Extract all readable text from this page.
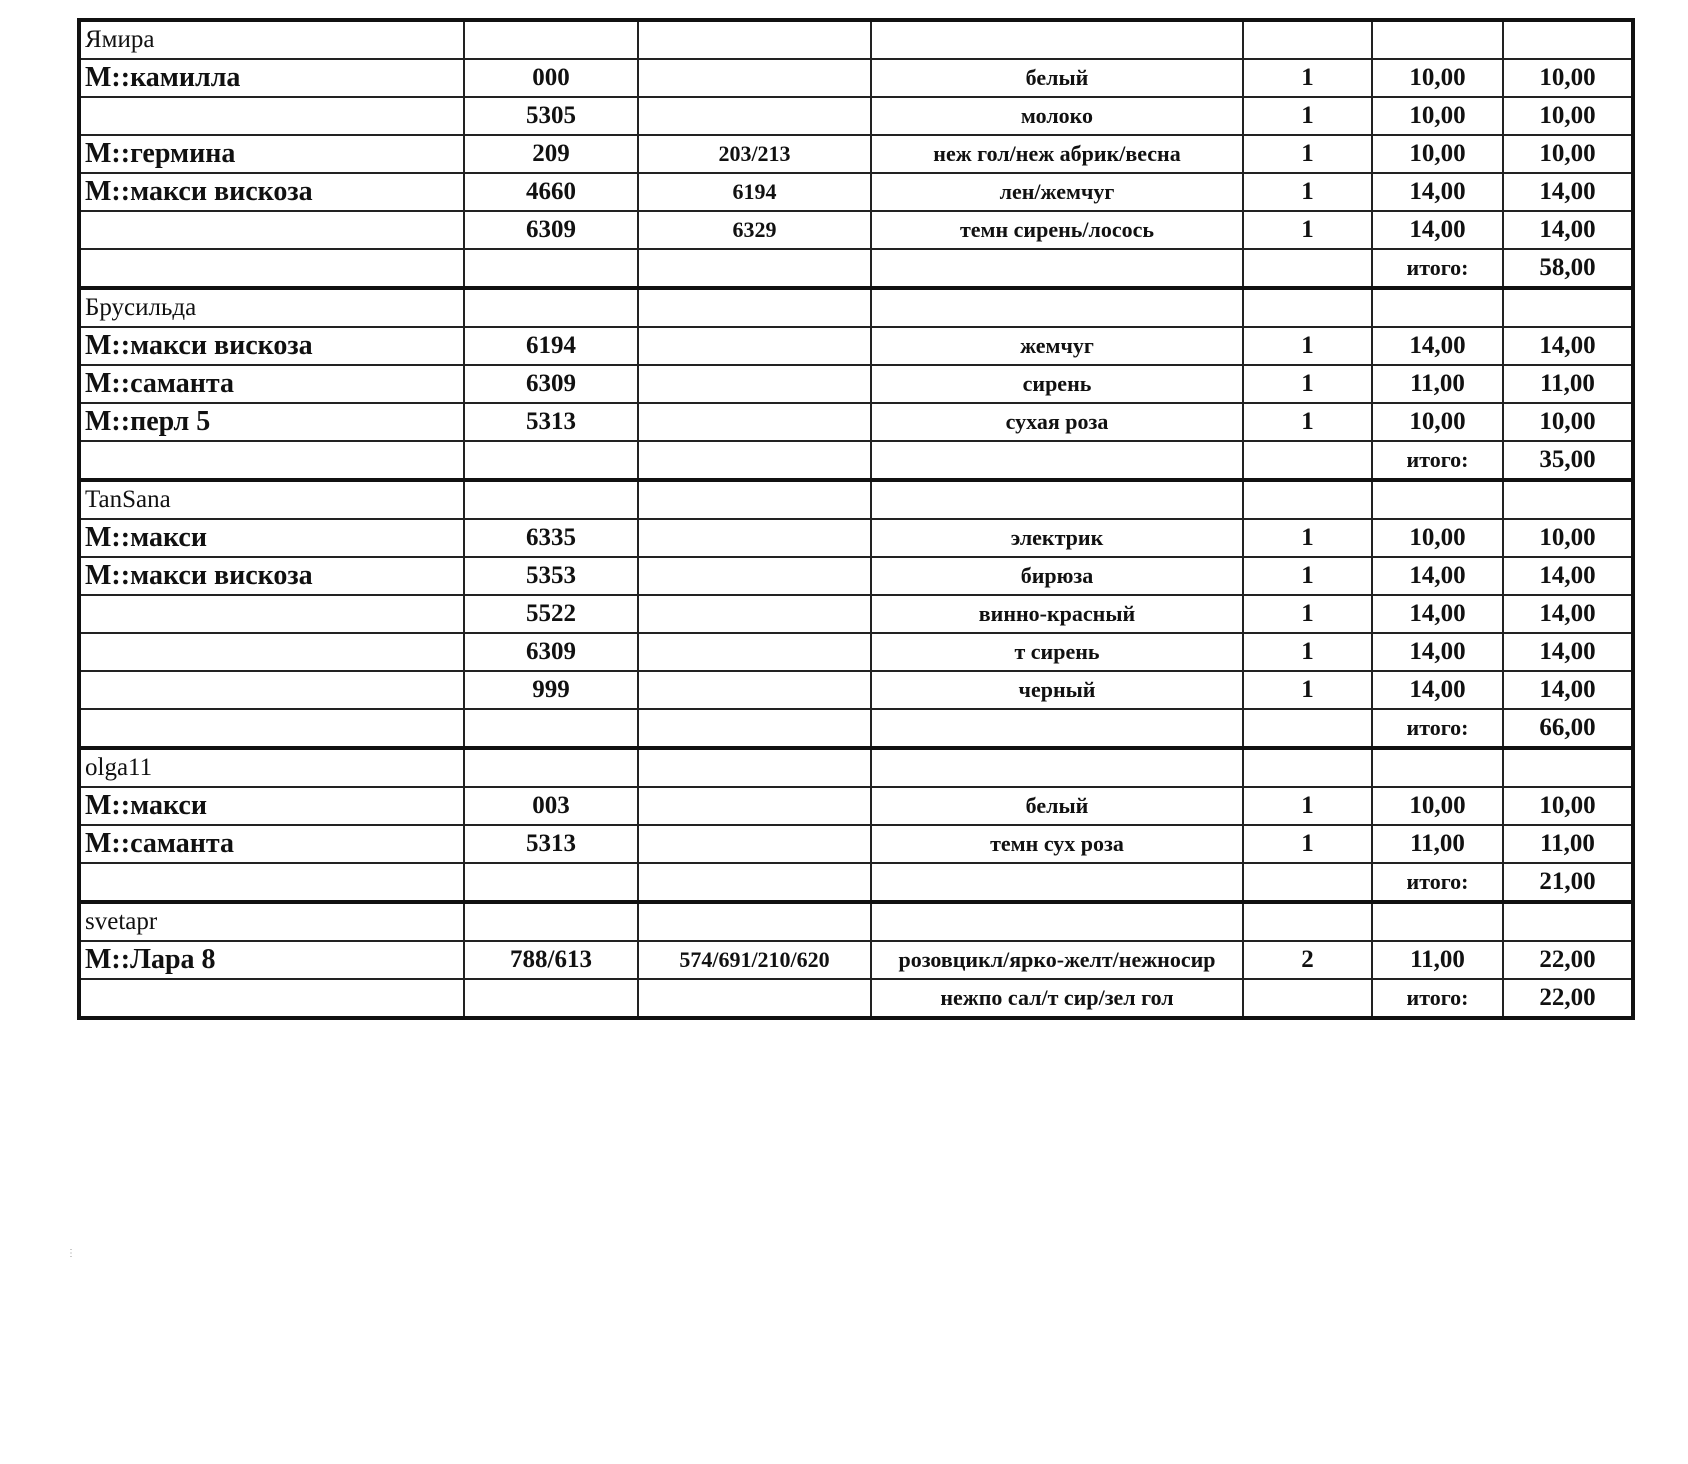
Ямира						
M::камилла	000		белый	1	10,00	10,00
	5305		молоко	1	10,00	10,00
M::гермина	209	203/213	неж гол/неж абрик/весна	1	10,00	10,00
M::макси вискоза	4660	6194	лен/жемчуг	1	14,00	14,00
	6309	6329	темн сирень/лосось	1	14,00	14,00
					итого:	58,00
Брусильда						
M::макси вискоза	6194		жемчуг	1	14,00	14,00
M::саманта	6309		сирень	1	11,00	11,00
M::перл 5	5313		сухая роза	1	10,00	10,00
					итого:	35,00
TanSana						
M::макси	6335		электрик	1	10,00	10,00
M::макси вискоза	5353		бирюза	1	14,00	14,00
	5522		винно-красный	1	14,00	14,00
	6309		т сирень	1	14,00	14,00
	999		черный	1	14,00	14,00
					итого:	66,00
olga11						
M::макси	003		белый	1	10,00	10,00
M::саманта	5313		темн сух роза	1	11,00	11,00
					итого:	21,00
svetapr						
M::Лара 8	788/613	574/691/210/620	розовцикл/ярко-желт/нежносир	2	11,00	22,00
			нежпо сал/т сир/зел гол		итого:	22,00
⋮
